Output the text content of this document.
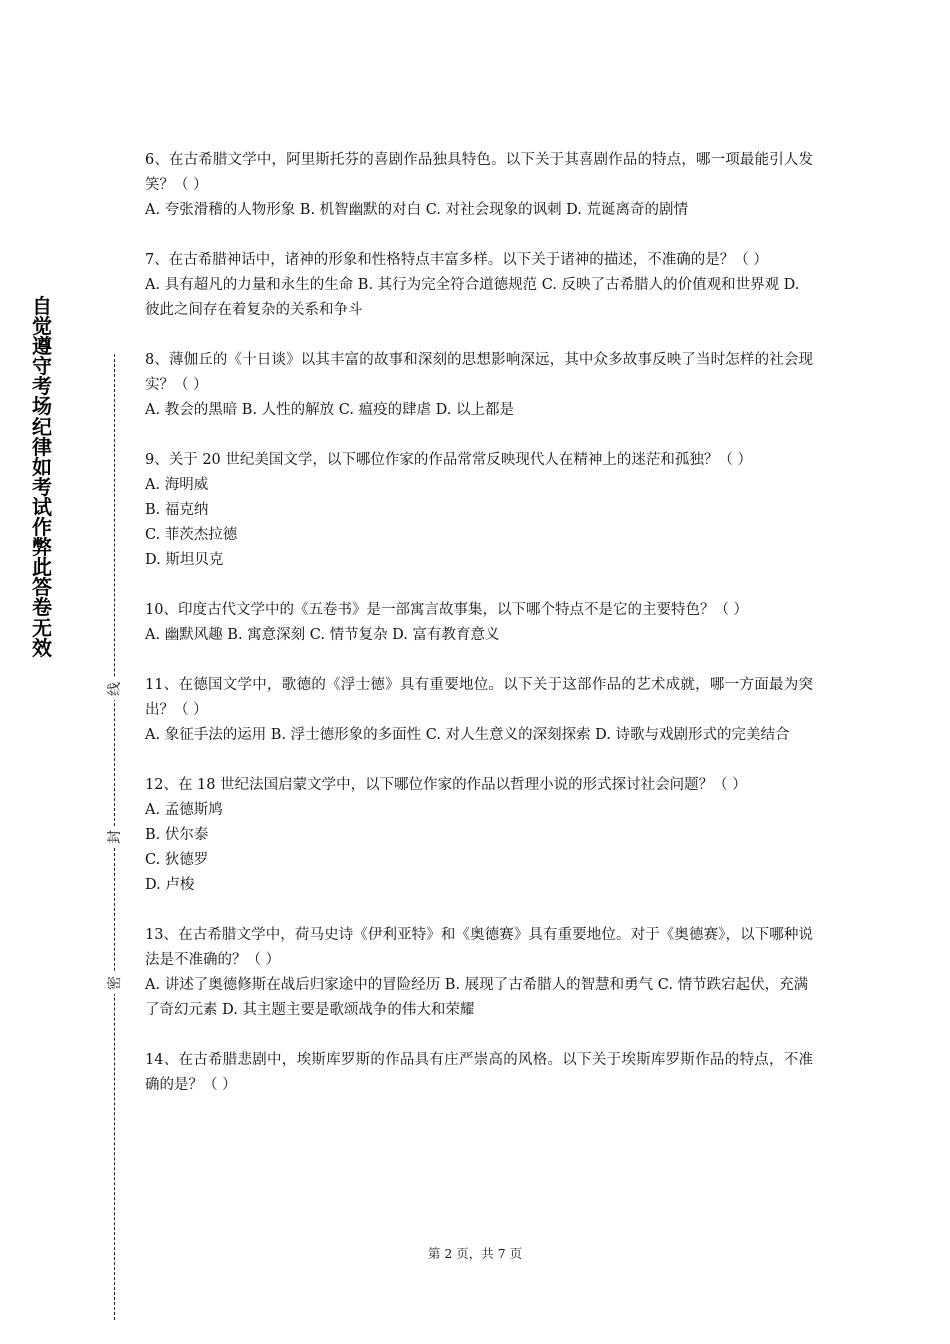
自觉遵守考场纪律如考试作弊此答卷无效
线
封
密
6、在古希腊文学中，阿里斯托芬的喜剧作品独具特色。以下关于其喜剧作品的特点，哪一项最能引人发笑？（ ）
A. 夸张滑稽的人物形象 B. 机智幽默的对白 C. 对社会现象的讽刺 D. 荒诞离奇的剧情
7、在古希腊神话中，诸神的形象和性格特点丰富多样。以下关于诸神的描述，不准确的是？（ ）
A. 具有超凡的力量和永生的生命 B. 其行为完全符合道德规范 C. 反映了古希腊人的价值观和世界观 D. 彼此之间存在着复杂的关系和争斗
8、薄伽丘的《十日谈》以其丰富的故事和深刻的思想影响深远，其中众多故事反映了当时怎样的社会现实？（ ）
A. 教会的黑暗 B. 人性的解放 C. 瘟疫的肆虐 D. 以上都是
9、关于 20 世纪美国文学，以下哪位作家的作品常常反映现代人在精神上的迷茫和孤独？（ ）
A. 海明威
B. 福克纳
C. 菲茨杰拉德
D. 斯坦贝克
10、印度古代文学中的《五卷书》是一部寓言故事集，以下哪个特点不是它的主要特色？（ ）
A. 幽默风趣 B. 寓意深刻 C. 情节复杂 D. 富有教育意义
11、在德国文学中，歌德的《浮士德》具有重要地位。以下关于这部作品的艺术成就，哪一方面最为突出？（ ）
A. 象征手法的运用 B. 浮士德形象的多面性 C. 对人生意义的深刻探索 D. 诗歌与戏剧形式的完美结合
12、在 18 世纪法国启蒙文学中，以下哪位作家的作品以哲理小说的形式探讨社会问题？（ ）
A. 孟德斯鸠
B. 伏尔泰
C. 狄德罗
D. 卢梭
13、在古希腊文学中，荷马史诗《伊利亚特》和《奥德赛》具有重要地位。对于《奥德赛》，以下哪种说法是不准确的？（ ）
A. 讲述了奥德修斯在战后归家途中的冒险经历 B. 展现了古希腊人的智慧和勇气 C. 情节跌宕起伏，充满了奇幻元素 D. 其主题主要是歌颂战争的伟大和荣耀
14、在古希腊悲剧中，埃斯库罗斯的作品具有庄严崇高的风格。以下关于埃斯库罗斯作品的特点，不准确的是？（ ）
第 2 页，共 7 页
